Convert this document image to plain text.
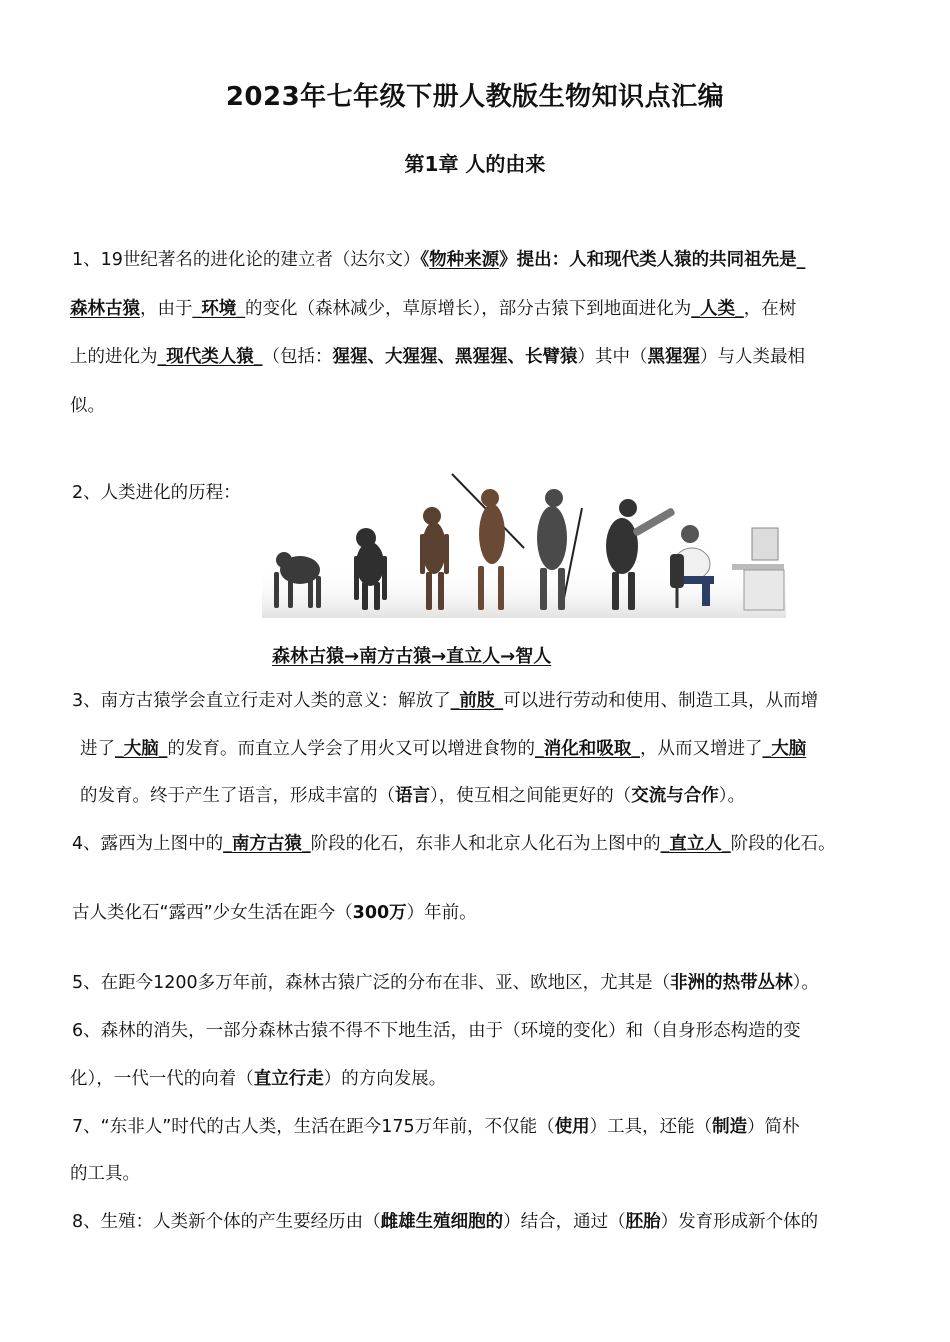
2023年七年级下册人教版生物知识点汇编
第1章 人的由来
1、19世纪著名的进化论的建立者（达尔文）《物种来源》提出：人和现代类人猿的共同祖先是_
森林古猿，由于_环境_的变化（森林减少，草原增长），部分古猿下到地面进化为_人类_，在树
上的进化为_现代类人猿_（包括：猩猩、大猩猩、黑猩猩、长臂猿）其中（黑猩猩）与人类最相
似。
2、人类进化的历程：
森林古猿→南方古猿→直立人→智人
3、南方古猿学会直立行走对人类的意义：解放了_前肢_可以进行劳动和使用、制造工具，从而增
进了_大脑_的发育。而直立人学会了用火又可以增进食物的_消化和吸取_，从而又增进了_大脑
的发育。终于产生了语言，形成丰富的（语言），使互相之间能更好的（交流与合作）。
4、露西为上图中的_南方古猿_阶段的化石，东非人和北京人化石为上图中的_直立人_阶段的化石。
古人类化石“露西”少女生活在距今（300万）年前。
5、在距今1200多万年前，森林古猿广泛的分布在非、亚、欧地区，尤其是（非洲的热带丛林）。
6、森林的消失，一部分森林古猿不得不下地生活，由于（环境的变化）和（自身形态构造的变
化），一代一代的向着（直立行走）的方向发展。
7、“东非人”时代的古人类，生活在距今175万年前，不仅能（使用）工具，还能（制造）简朴
的工具。
8、生殖：人类新个体的产生要经历由（雌雄生殖细胞的）结合，通过（胚胎）发育形成新个体的
